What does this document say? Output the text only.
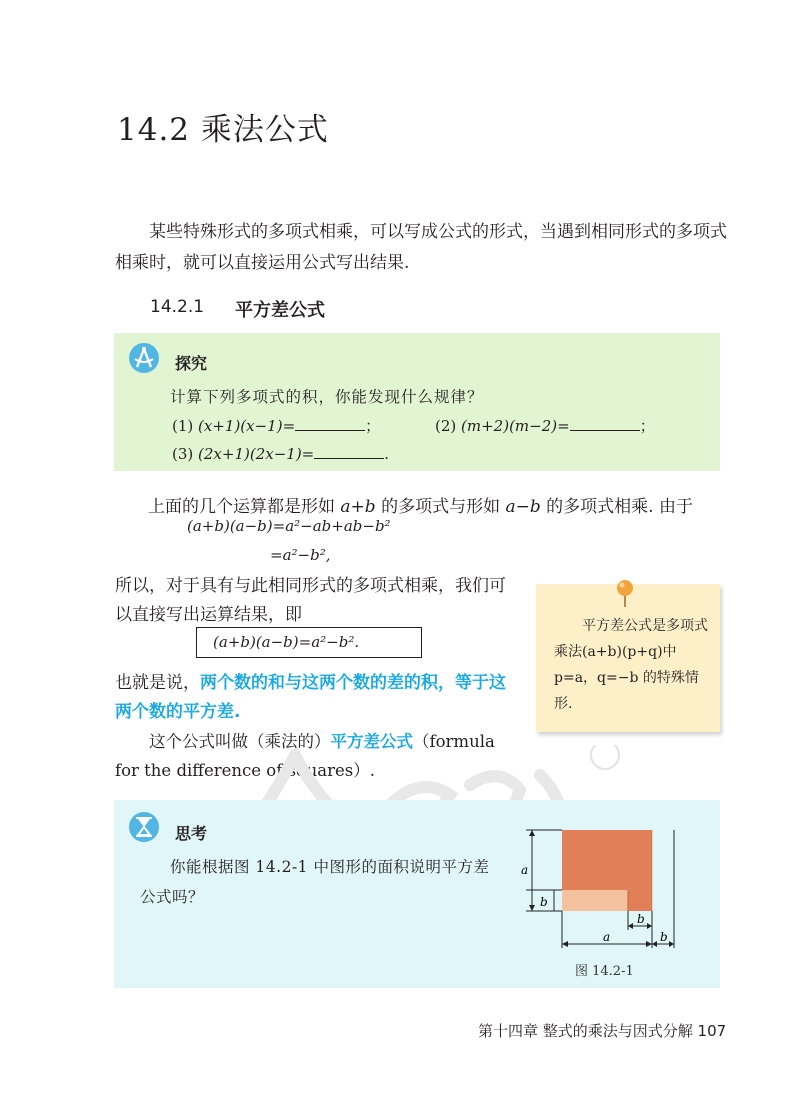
14.2 乘法公式
某些特殊形式的多项式相乘，可以写成公式的形式，当遇到相同形式的多项式相乘时，就可以直接运用公式写出结果.
14.2.1 平方差公式
探究
计算下列多项式的积，你能发现什么规律？
(1) (x+1)(x−1)=	；	(2) (m+2)(m−2)=	；
(3) (2x+1)(2x−1)=	.
上面的几个运算都是形如 a+b 的多项式与形如 a−b 的多项式相乘. 由于
(a+b)(a−b)=a²−ab+ab−b²
=a²−b²,
所以，对于具有与此相同形式的多项式相乘，我们可以直接写出运算结果，即
(a+b)(a−b)=a²−b².
也就是说，两个数的和与这两个数的差的积，等于这两个数的平方差.
这个公式叫做（乘法的）平方差公式（formula for the difference of squares）.
平方差公式是多项式乘法(a+b)(p+q)中 p=a，q=−b 的特殊情形.
思考
你能根据图 14.2-1 中图形的面积说明平方差公式吗？
a
b
a
b
b
图 14.2-1
第十四章 整式的乘法与因式分解 107
